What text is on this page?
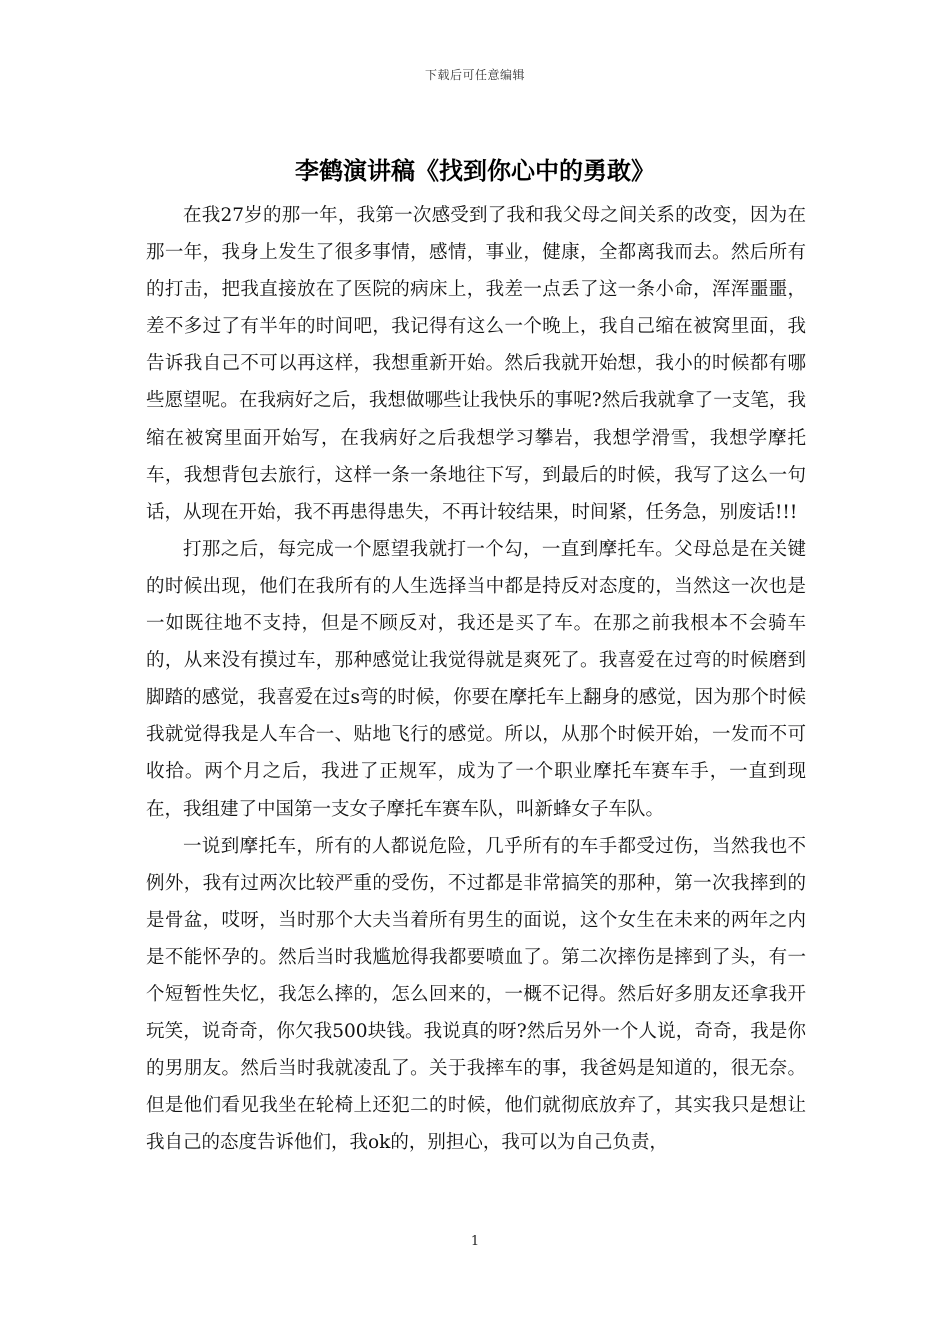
下载后可任意编辑
李鹤演讲稿《找到你心中的勇敢》

在我27岁的那一年，我第一次感受到了我和我父母之间关系的改变，因为在那一年，我身上发生了很多事情，感情，事业，健康，全都离我而去。然后所有的打击，把我直接放在了医院的病床上，我差一点丢了这一条小命，浑浑噩噩，差不多过了有半年的时间吧，我记得有这么一个晚上，我自己缩在被窝里面，我告诉我自己不可以再这样，我想重新开始。然后我就开始想，我小的时候都有哪些愿望呢。在我病好之后，我想做哪些让我快乐的事呢?然后我就拿了一支笔，我缩在被窝里面开始写，在我病好之后我想学习攀岩，我想学滑雪，我想学摩托车，我想背包去旅行，这样一条一条地往下写，到最后的时候，我写了这么一句话，从现在开始，我不再患得患失，不再计较结果，时间紧，任务急，别废话!!!

打那之后，每完成一个愿望我就打一个勾，一直到摩托车。父母总是在关键的时候出现，他们在我所有的人生选择当中都是持反对态度的，当然这一次也是一如既往地不支持，但是不顾反对，我还是买了车。在那之前我根本不会骑车的，从来没有摸过车，那种感觉让我觉得就是爽死了。我喜爱在过弯的时候磨到脚踏的感觉，我喜爱在过s弯的时候，你要在摩托车上翻身的感觉，因为那个时候我就觉得我是人车合一、贴地飞行的感觉。所以，从那个时候开始，一发而不可收拾。两个月之后，我进了正规军，成为了一个职业摩托车赛车手，一直到现在，我组建了中国第一支女子摩托车赛车队，叫新蜂女子车队。

一说到摩托车，所有的人都说危险，几乎所有的车手都受过伤，当然我也不例外，我有过两次比较严重的受伤，不过都是非常搞笑的那种，第一次我摔到的是骨盆，哎呀，当时那个大夫当着所有男生的面说，这个女生在未来的两年之内是不能怀孕的。然后当时我尴尬得我都要喷血了。第二次摔伤是摔到了头，有一个短暂性失忆，我怎么摔的，怎么回来的，一概不记得。然后好多朋友还拿我开玩笑，说奇奇，你欠我500块钱。我说真的呀?然后另外一个人说，奇奇，我是你的男朋友。然后当时我就凌乱了。关于我摔车的事，我爸妈是知道的，很无奈。但是他们看见我坐在轮椅上还犯二的时候，他们就彻底放弃了，其实我只是想让我自己的态度告诉他们，我ok的，别担心，我可以为自己负责，

1
